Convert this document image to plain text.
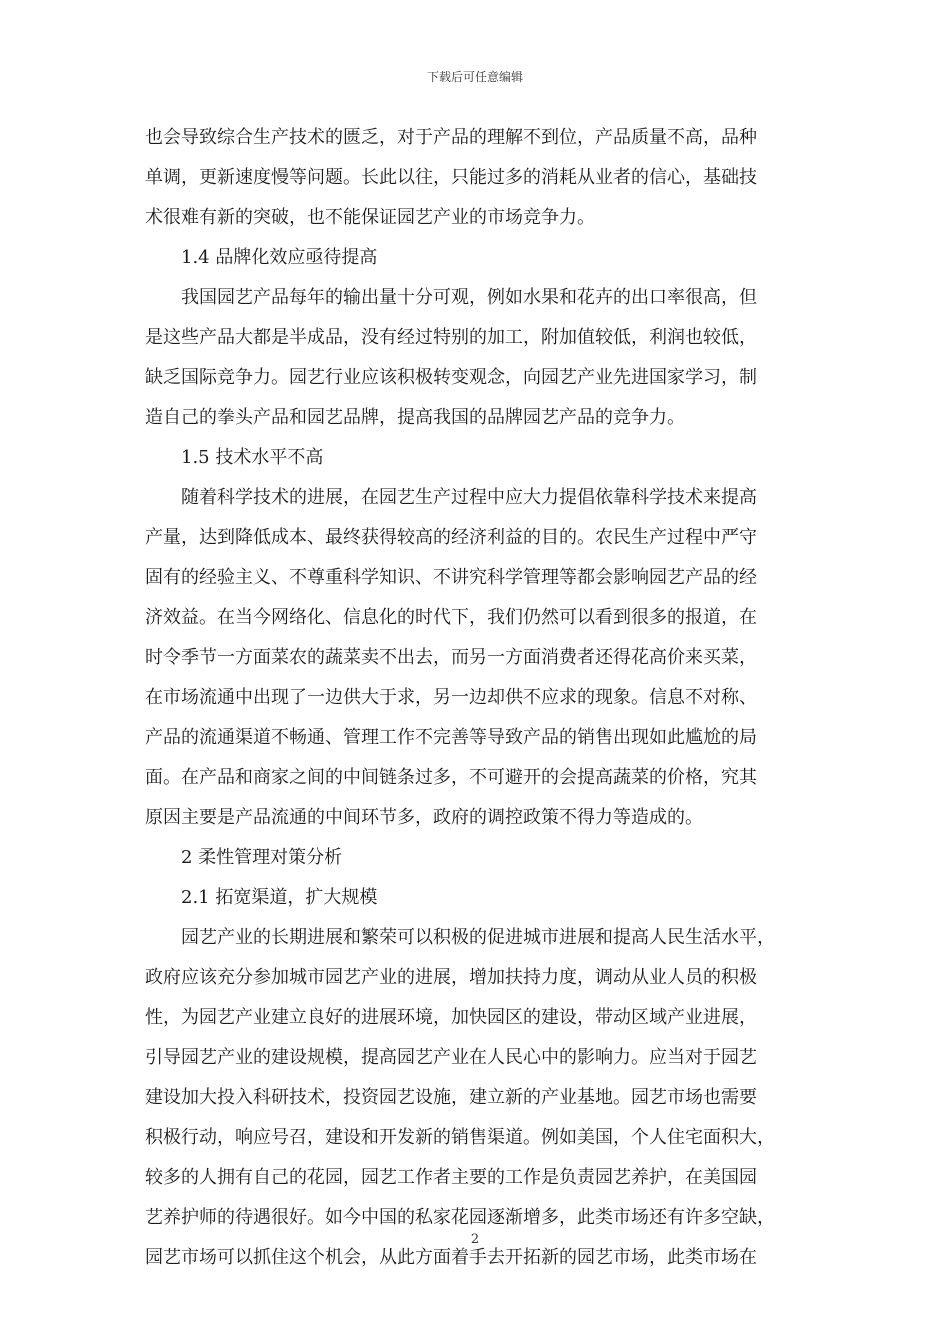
下载后可任意编辑
也会导致综合生产技术的匮乏，对于产品的理解不到位，产品质量不高，品种
单调，更新速度慢等问题。长此以往，只能过多的消耗从业者的信心，基础技
术很难有新的突破，也不能保证园艺产业的市场竞争力。
1.4 品牌化效应亟待提高
我国园艺产品每年的输出量十分可观，例如水果和花卉的出口率很高，但
是这些产品大都是半成品，没有经过特别的加工，附加值较低，利润也较低，
缺乏国际竞争力。园艺行业应该积极转变观念，向园艺产业先进国家学习，制
造自己的拳头产品和园艺品牌，提高我国的品牌园艺产品的竞争力。
1.5 技术水平不高
随着科学技术的进展，在园艺生产过程中应大力提倡依靠科学技术来提高
产量，达到降低成本、最终获得较高的经济利益的目的。农民生产过程中严守
固有的经验主义、不尊重科学知识、不讲究科学管理等都会影响园艺产品的经
济效益。在当今网络化、信息化的时代下，我们仍然可以看到很多的报道，在
时令季节一方面菜农的蔬菜卖不出去，而另一方面消费者还得花高价来买菜，
在市场流通中出现了一边供大于求，另一边却供不应求的现象。信息不对称、
产品的流通渠道不畅通、管理工作不完善等导致产品的销售出现如此尴尬的局
面。在产品和商家之间的中间链条过多，不可避开的会提高蔬菜的价格，究其
原因主要是产品流通的中间环节多，政府的调控政策不得力等造成的。
2 柔性管理对策分析
2.1 拓宽渠道，扩大规模
园艺产业的长期进展和繁荣可以积极的促进城市进展和提高人民生活水平，
政府应该充分参加城市园艺产业的进展，增加扶持力度，调动从业人员的积极
性，为园艺产业建立良好的进展环境，加快园区的建设，带动区域产业进展，
引导园艺产业的建设规模，提高园艺产业在人民心中的影响力。应当对于园艺
建设加大投入科研技术，投资园艺设施，建立新的产业基地。园艺市场也需要
积极行动，响应号召，建设和开发新的销售渠道。例如美国，个人住宅面积大，
较多的人拥有自己的花园，园艺工作者主要的工作是负责园艺养护，在美国园
艺养护师的待遇很好。如今中国的私家花园逐渐增多，此类市场还有许多空缺，
园艺市场可以抓住这个机会，从此方面着手去开拓新的园艺市场，此类市场在
2
